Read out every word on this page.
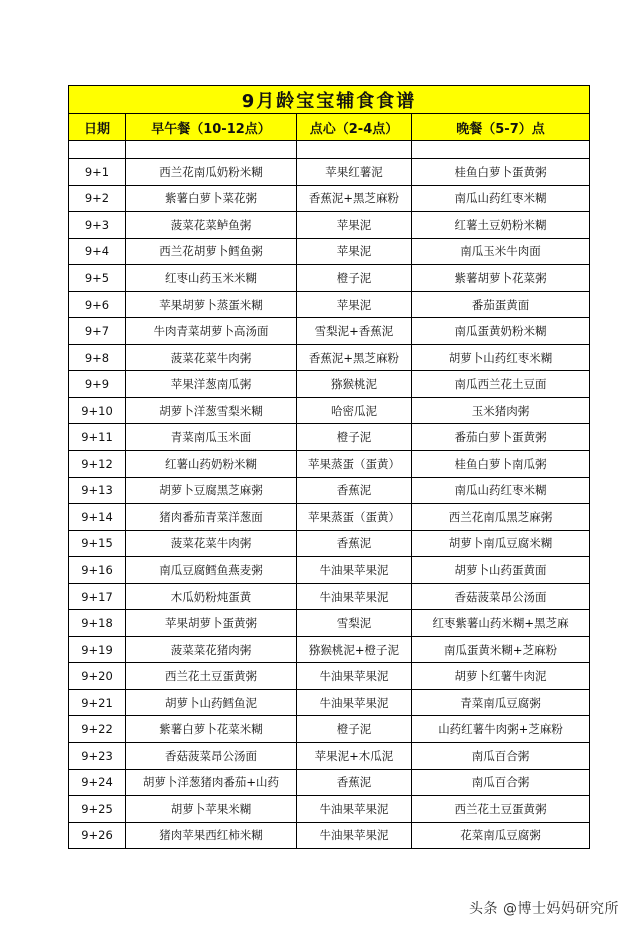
9月龄宝宝辅食食谱			
日期	早午餐（10-12点）	点心（2-4点）	晚餐（5-7）点

9+1	西兰花南瓜奶粉米糊	苹果红薯泥	桂鱼白萝卜蛋黄粥
9+2	紫薯白萝卜菜花粥	香蕉泥+黑芝麻粉	南瓜山药红枣米糊
9+3	菠菜花菜鲈鱼粥	苹果泥	红薯土豆奶粉米糊
9+4	西兰花胡萝卜鳕鱼粥	苹果泥	南瓜玉米牛肉面
9+5	红枣山药玉米米糊	橙子泥	紫薯胡萝卜花菜粥
9+6	苹果胡萝卜蒸蛋米糊	苹果泥	番茄蛋黄面
9+7	牛肉青菜胡萝卜高汤面	雪梨泥+香蕉泥	南瓜蛋黄奶粉米糊
9+8	菠菜花菜牛肉粥	香蕉泥+黑芝麻粉	胡萝卜山药红枣米糊
9+9	苹果洋葱南瓜粥	猕猴桃泥	南瓜西兰花土豆面
9+10	胡萝卜洋葱雪梨米糊	哈密瓜泥	玉米猪肉粥
9+11	青菜南瓜玉米面	橙子泥	番茄白萝卜蛋黄粥
9+12	红薯山药奶粉米糊	苹果蒸蛋（蛋黄）	桂鱼白萝卜南瓜粥
9+13	胡萝卜豆腐黑芝麻粥	香蕉泥	南瓜山药红枣米糊
9+14	猪肉番茄青菜洋葱面	苹果蒸蛋（蛋黄）	西兰花南瓜黑芝麻粥
9+15	菠菜花菜牛肉粥	香蕉泥	胡萝卜南瓜豆腐米糊
9+16	南瓜豆腐鳕鱼燕麦粥	牛油果苹果泥	胡萝卜山药蛋黄面
9+17	木瓜奶粉炖蛋黄	牛油果苹果泥	香菇菠菜昂公汤面
9+18	苹果胡萝卜蛋黄粥	雪梨泥	红枣紫薯山药米糊+黑芝麻
9+19	菠菜菜花猪肉粥	猕猴桃泥+橙子泥	南瓜蛋黄米糊+芝麻粉
9+20	西兰花土豆蛋黄粥	牛油果苹果泥	胡萝卜红薯牛肉泥
9+21	胡萝卜山药鳕鱼泥	牛油果苹果泥	青菜南瓜豆腐粥
9+22	紫薯白萝卜花菜米糊	橙子泥	山药红薯牛肉粥+芝麻粉
9+23	香菇菠菜昂公汤面	苹果泥+木瓜泥	南瓜百合粥
9+24	胡萝卜洋葱猪肉番茄+山药	香蕉泥	南瓜百合粥
9+25	胡萝卜苹果米糊	牛油果苹果泥	西兰花土豆蛋黄粥
9+26	猪肉苹果西红柿米糊	牛油果苹果泥	花菜南瓜豆腐粥
头条 @博士妈妈研究所
